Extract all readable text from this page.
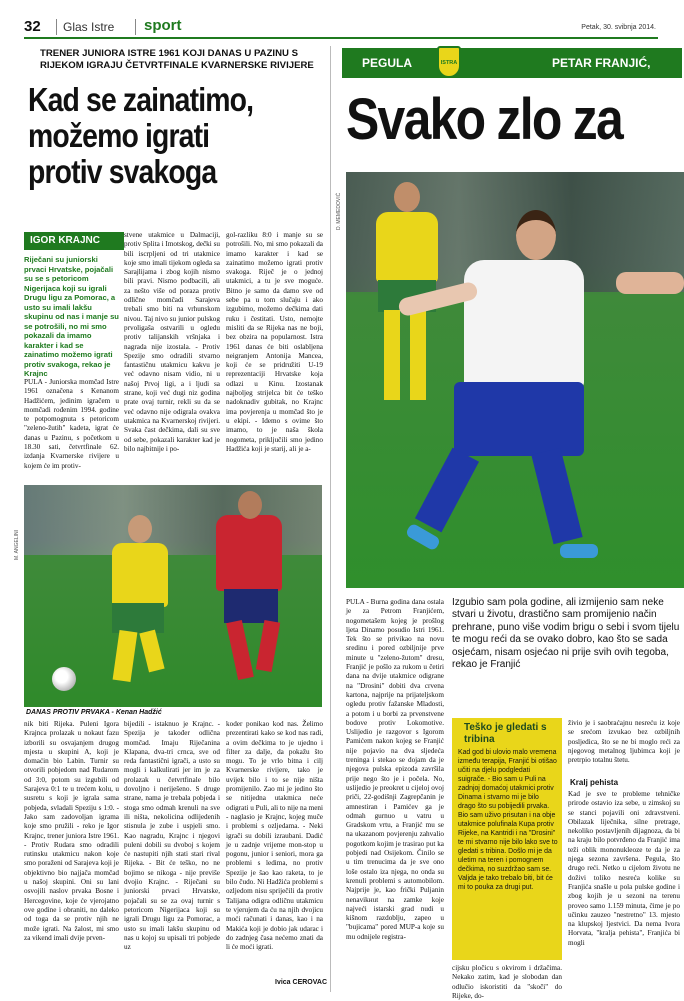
32 Glas Istre sport	Petak, 30. svibnja 2014.
TRENER JUNIORA ISTRE 1961 KOJI DANAS U PAZINU S RIJEKOM IGRAJU ČETVRTFINALE KVARNERSKE RIVIJERE
Kad se zainatimo, možemo igrati protiv svakoga
IGOR KRAJNC
Riječani su juniorski prvaci Hrvatske, pojačali su se s petoricom Nigerijaca koji su igrali Drugu ligu za Pomorac, a usto su imali lakšu skupinu od nas i manje su se potrošili, no mi smo pokazali da imamo karakter i kad se zainatimo možemo igrati protiv svakoga, rekao je Krajnc
PULA - Juniorska momčad Istre 1961 označena s Kenanom Hadžićem, jedinim igračem u momčadi rođenim 1994. godine te potpomognuta s petoricom "zeleno-žutih" kadeta, igrat će danas u Pazinu, s početkom u 18.30 sati, četvrtfinale 62. izdanja Kvarnerske rivijere u kojem će im protiv-
stvene utakmice u Dalmaciji, protiv Splita i Imotskog, dečki su bili iscrpljeni od tri utakmice koje smo imali tijekom ogleda sa Sarajlijama i zbog kojih nismo bili pravi. Nismo podbacili, ali za nešto više od poraza protiv odlične momčadi Sarajeva trebali smo biti na vrhunskom nivou. Taj nivo su junior pulskog prvoligaša ostvarili u ogledu protiv talijanskih vršnjaka i nagrada nije izostala. - Protiv Spezije smo odradili stvarno fantastičnu utakmicu kakvu je već odavno nisam vidio, ni u našoj Prvoj ligi, a i ljudi sa strane, koji već dugi niz godina prate ovaj turnir, rekli su da se već odavno nije odigrala ovakva utakmica na Kvarnerskoj rivijeri. Svaka čast dečkima, dali su sve od sebe, pokazali karakter kad je bilo najbitnije i po-
gol-razliku 8:0 i manje su se potrošili. No, mi smo pokazali da imamo karakter i kad se zainatimo možemo igrati protiv svakoga. Riječ je o jednoj utakmici, a tu je sve moguće. Bitno je samo da damo sve od sebe pa u tom slučaju i ako izgubimo, možemo dečkima dati ruku i čestitati. Usto, nemojte misliti da se Rijeka nas ne boji, bez obzira na popularnost. Istra 1961 danas će biti oslabljena neigranjem Antonija Mancea, koji će se pridružiti U-19 reprezentaciji Hrvatske koja odlazi u Kinu. Izostanak najboljeg strijelca bit će teško nadoknadiv gubitak, no Krajnc ima povjerenja u momčad što je u ekipi. - Idemo s ovime što imamo, to je naša škola nogometa, priključili smo jedino Hadžića koji je starij, ali je a-
M. ANGELINI
DANAS PROTIV PRVAKA - Kenan Hadžić
nik biti Rijeka. Puleni Igora Krajnca prolazak u nokaut fazu izborili su osvajanjem drugog mjesta u skupini A, koji je domaćin bio Labin. Turnir su otvorili pobjedom nad Rudarom od 3:0, potom su izgubili od Sarajeva 0:1 te u trećem kolu, u susretu s koji je igrala sama pobjeda, svladali Speziju s 1:0. - Jako sam zadovoljan igrama koje smo pružili - reko je Igor Krajnc, trener juniora Istre 1961. - Protiv Rudara smo odradili rutinsku utakmicu nakon koje smo poraženi od Sarajeva koji je objektivno bio najjača momčad u našoj skupini. Oni su lani osvojili naslov prvaka Bosne i Hercegovine, koje će vjerojatno ove godine i obraniti, no daleko od toga da se protiv njih ne može igrati. Na žalost, mi smo za vikend imali dvije prven-
bijedili - istaknuo je Krajnc. - Spezija je također odlična momčad. Imaju Riječanina Klapana, dva-tri crnca, sve od reda fantastični igrači, a usto su mogli i kalkulirati jer im je za prolazak u četvrtfinale bilo dovoljno i neriješeno. S druge strane, nama je trebala pobjeda i stoga smo odmah krenuli na sve ili ništa, nekolicina odlijedenih stisnula je zube i uspjeli smo. Kao nagradu, Krajnc i njegovi puleni dobili su dvoboj s kojem će nastupiti njih stati stari rival Rijeka. - Bit će teško, no ne bojimo se nikoga - nije previše dvojio Krajnc. - Riječani su juniorski prvaci Hrvatske, pojačali su se za ovaj turnir s petoricom Nigerijaca koji su igrali Drugu ligu za Pomorac, a usto su imali lakšu skupinu od nas u kojoj su upisali tri pobjede uz
koder ponikao kod nas. Želimo prezentirati kako se kod nas radi, a ovim dečkima to je ujedno i filter za dalje, da pokažu što mogu. To je vrlo bitna i cilj Kvarnerske rivijere, tako je uvijek bilo i to se nije ništa promijenilo. Zao mi je jedino što se nitijedna utakmica neće odigrati u Puli, ali to nije na meni - naglasio je Krajnc, kojeg muče i problemi s ozljedama. - Neki igrači su dobili izraubani. Dadić je u zadnje vrijeme mon-stop u pogonu, junior i seniori, mora ga problemi s ledima, no protiv Spezije je šao kao raketa, to je bilo čudo. Ni Hadžića problemi s ozljedom nisu spriječili da protiv Talijana odigra odličnu utakmicu te vjerujem da ću na njih dvojicu moći računati i danas, kao i na Makića koji je dobio jak udarac i do zadnjeg časa nećemo znati da li će moći igrati.
Ivica CEROVAC
PEGULA	ISTRA	PETAR FRANJIĆ,
Svako zlo za
D. MEMEDOVIĆ
PULA - Burna godina dana ostala je za Petrom Franjićem, nogometašem kojeg je prošlog ljeta Dinamo posudio Istri 1961. Tek što se privikao na novu sredinu i pored ozbiljnije prve minute u "zeleno-žutom" dresu, Franjić je pošlo za rukom u četiri dana na dvije utakmice odigrane na "Drosini" dobiti dva crvena kartona, najprije na prijateljskom ogledu protiv fažanske Mladosti, a potom i u borbi za prvenstvene bodove protiv Lokomotive. Uslijedio je razgovor s Igorom Pamićem nakon kojeg se Franjić nije pojavio na dva sljedeća treninga i stekao se dojam da je njegova pulska epizoda završila prije nego što je i počela. No, uslijedio je preokret u cijeloj ovoj priči, 22-godišnji Zagrepčanin je amnestiran i Pamićev ga je odmah gurnuo u vatru u Gradskom vrtu, a Franjić mu se na ukazanom povjerenju zahvalio pogotkom kojim je trasirao put ka pobjedi nad Osijekom. Činilo se u tim trenucima da je sve ono loše ostalo iza njega, no onda su krenuli problemi s automobilom. Najprije je, kao frički Puljanin nenavikнut na zamke koje najveći istarski grad nudi u kišnom razdoblju, zapeo u "bujicama" porеd MUP-a koje su mu odnijele registra-
Izgubio sam pola godine, ali izmijenio sam neke stvari u životu, drastično sam promijenio način prehrane, puno više vodim brigu o sebi i svom tijelu te mogu reći da se ovako dobro, kao što se sada osjećam, nisam osjećao ni prije svih ovih tegoba, rekao je Franjić
Teško je gledati s tribina
Kad god bi ulovio malo vremena između terapija, Franjić bi otišao učiti na djelu podgledati suigrače. - Bio sam u Puli na zadnjoj domaćoj utakmici protiv Dinama i stvarno mi je bilo drago što su pobijedili prvaka. Bio sam uživo prisutan i na obje utakmice polufinala Kupa protiv Rijeke, na Kantridi i na "Drosini" te mi stvarno nije bilo lako sve to gledati s tribina. Došlo mi je da uletim na teren i pomognem dečkima, no suzdržao sam se. Valjda je tako trebalo biti, bit će mi to pouka za drugi put.
cijsku pločicu s okvirom i držačima. Nekako zatim, kad je slobodan dan odlučio iskoristiti da "skoči" do Rijeke, do-
živio je i saobraćajnu nesreću iz koje se srećom izvukao bez ozbiljnih posljedica, što se ne bi moglo reći za njegovog metalnog ljubimca koji je pretrpio totalnu štetu.
Kralj pehista
Kad je sve te probleme tehničke prirode ostavio iza sebe, u zimskoj su se stanci pojavili oni zdravstveni. Obilazak liječnika, silne pretrage, nekoliko postavljenih dijagnoza, da bi na kraju bilo potvrđeno da Franjić ima teži oblik mononukleoze te da je za njega sezona završena. Pegula, što drugo reći. Netko u cijelom životu ne doživi toliko nesreća kolike su Franjića snašle u pola pulske godine i zbog kojih je u sezoni na terenu proveo samo 1.159 minuta, čime je po učinku zauzeo "nestretno" 13. mjesto na klupskoj ljestvici. Da nema Ivora Horvata, "kralja pehista", Franjića bi mogli
